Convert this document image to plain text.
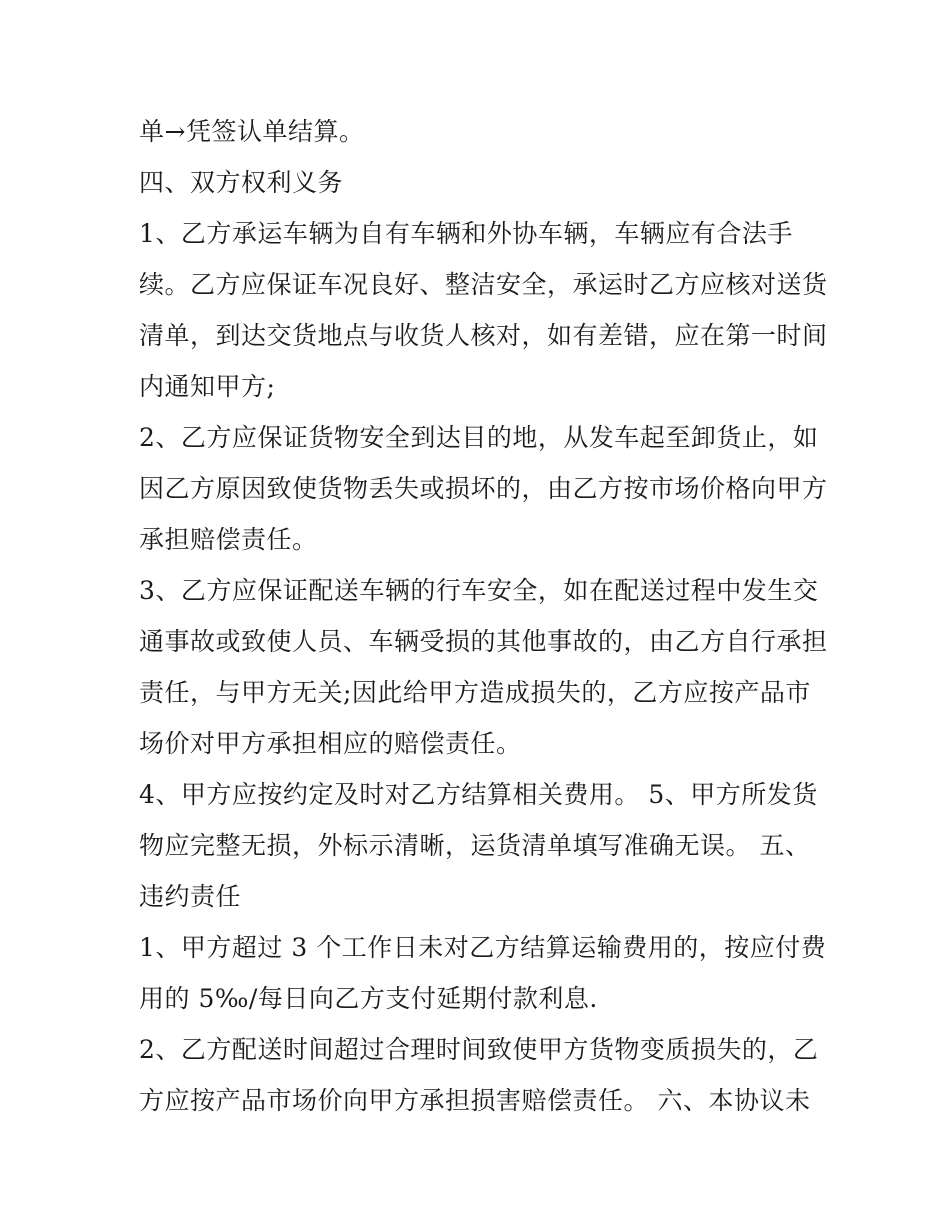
单→凭签认单结算。
四、双方权利义务
1、乙方承运车辆为自有车辆和外协车辆，车辆应有合法手
续。乙方应保证车况良好、整洁安全，承运时乙方应核对送货
清单，到达交货地点与收货人核对，如有差错，应在第一时间
内通知甲方;
2、乙方应保证货物安全到达目的地，从发车起至卸货止，如
因乙方原因致使货物丢失或损坏的，由乙方按市场价格向甲方
承担赔偿责任。
3、乙方应保证配送车辆的行车安全，如在配送过程中发生交
通事故或致使人员、车辆受损的其他事故的，由乙方自行承担
责任，与甲方无关;因此给甲方造成损失的，乙方应按产品市
场价对甲方承担相应的赔偿责任。
4、甲方应按约定及时对乙方结算相关费用。 5、甲方所发货
物应完整无损，外标示清晰，运货清单填写准确无误。 五、
违约责任
1、甲方超过 3 个工作日未对乙方结算运输费用的，按应付费
用的 5‰/每日向乙方支付延期付款利息.
2、乙方配送时间超过合理时间致使甲方货物变质损失的，乙
方应按产品市场价向甲方承担损害赔偿责任。 六、本协议未
